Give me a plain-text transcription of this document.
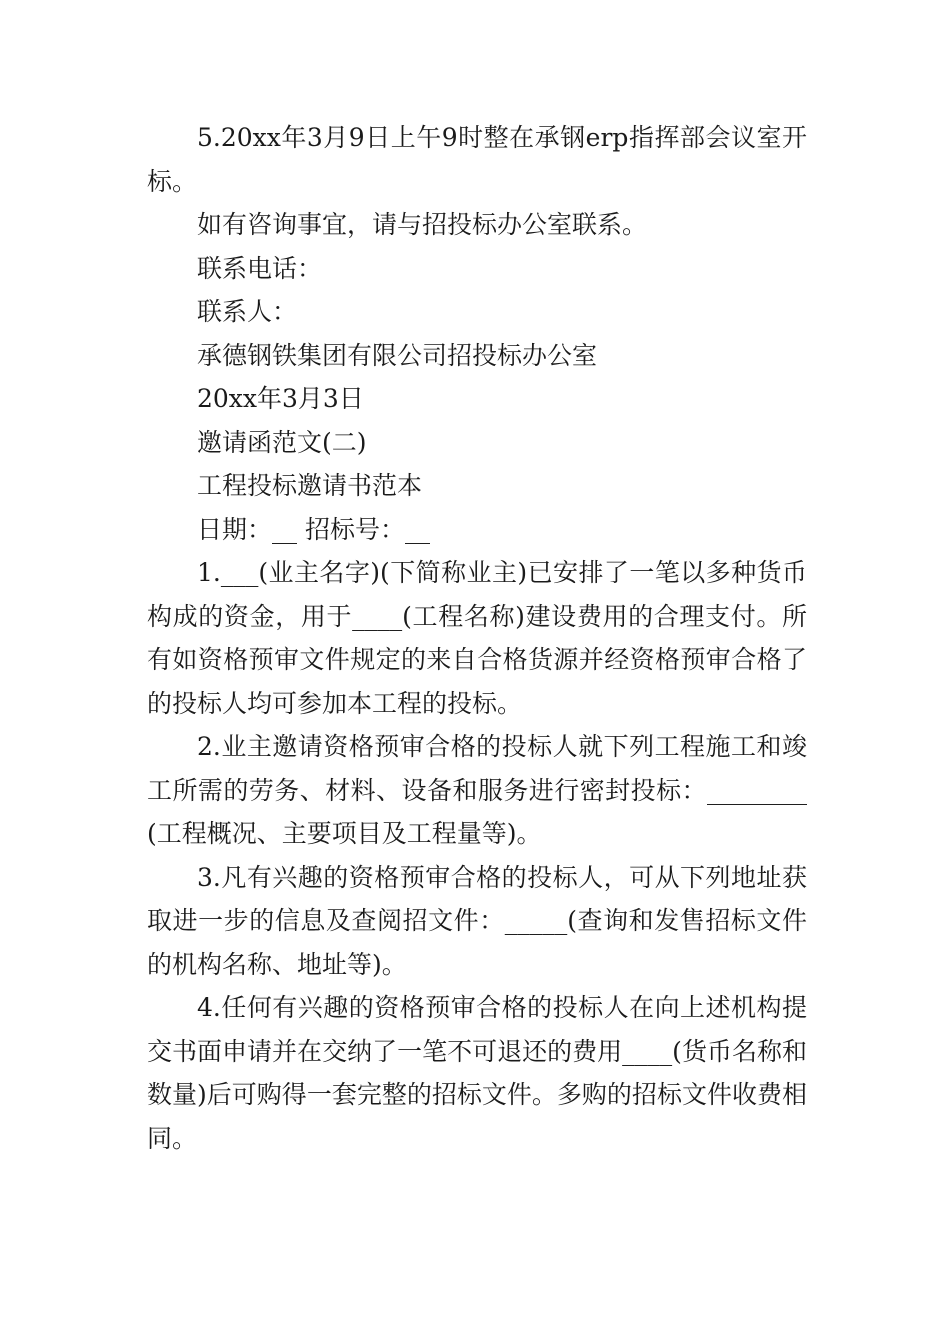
5.20xx年3月9日上午9时整在承钢erp指挥部会议室开标。

如有咨询事宜，请与招投标办公室联系。

联系电话：

联系人：

承德钢铁集团有限公司招投标办公室

20xx年3月3日

邀请函范文(二)

工程投标邀请书范本

日期：__ 招标号：__

1.___(业主名字)(下简称业主)已安排了一笔以多种货币构成的资金，用于____(工程名称)建设费用的合理支付。所有如资格预审文件规定的来自合格货源并经资格预审合格了的投标人均可参加本工程的投标。

2.业主邀请资格预审合格的投标人就下列工程施工和竣工所需的劳务、材料、设备和服务进行密封投标：________(工程概况、主要项目及工程量等)。

3.凡有兴趣的资格预审合格的投标人，可从下列地址获取进一步的信息及查阅招文件：_____(查询和发售招标文件的机构名称、地址等)。

4.任何有兴趣的资格预审合格的投标人在向上述机构提交书面申请并在交纳了一笔不可退还的费用____(货币名称和数量)后可购得一套完整的招标文件。多购的招标文件收费相同。
